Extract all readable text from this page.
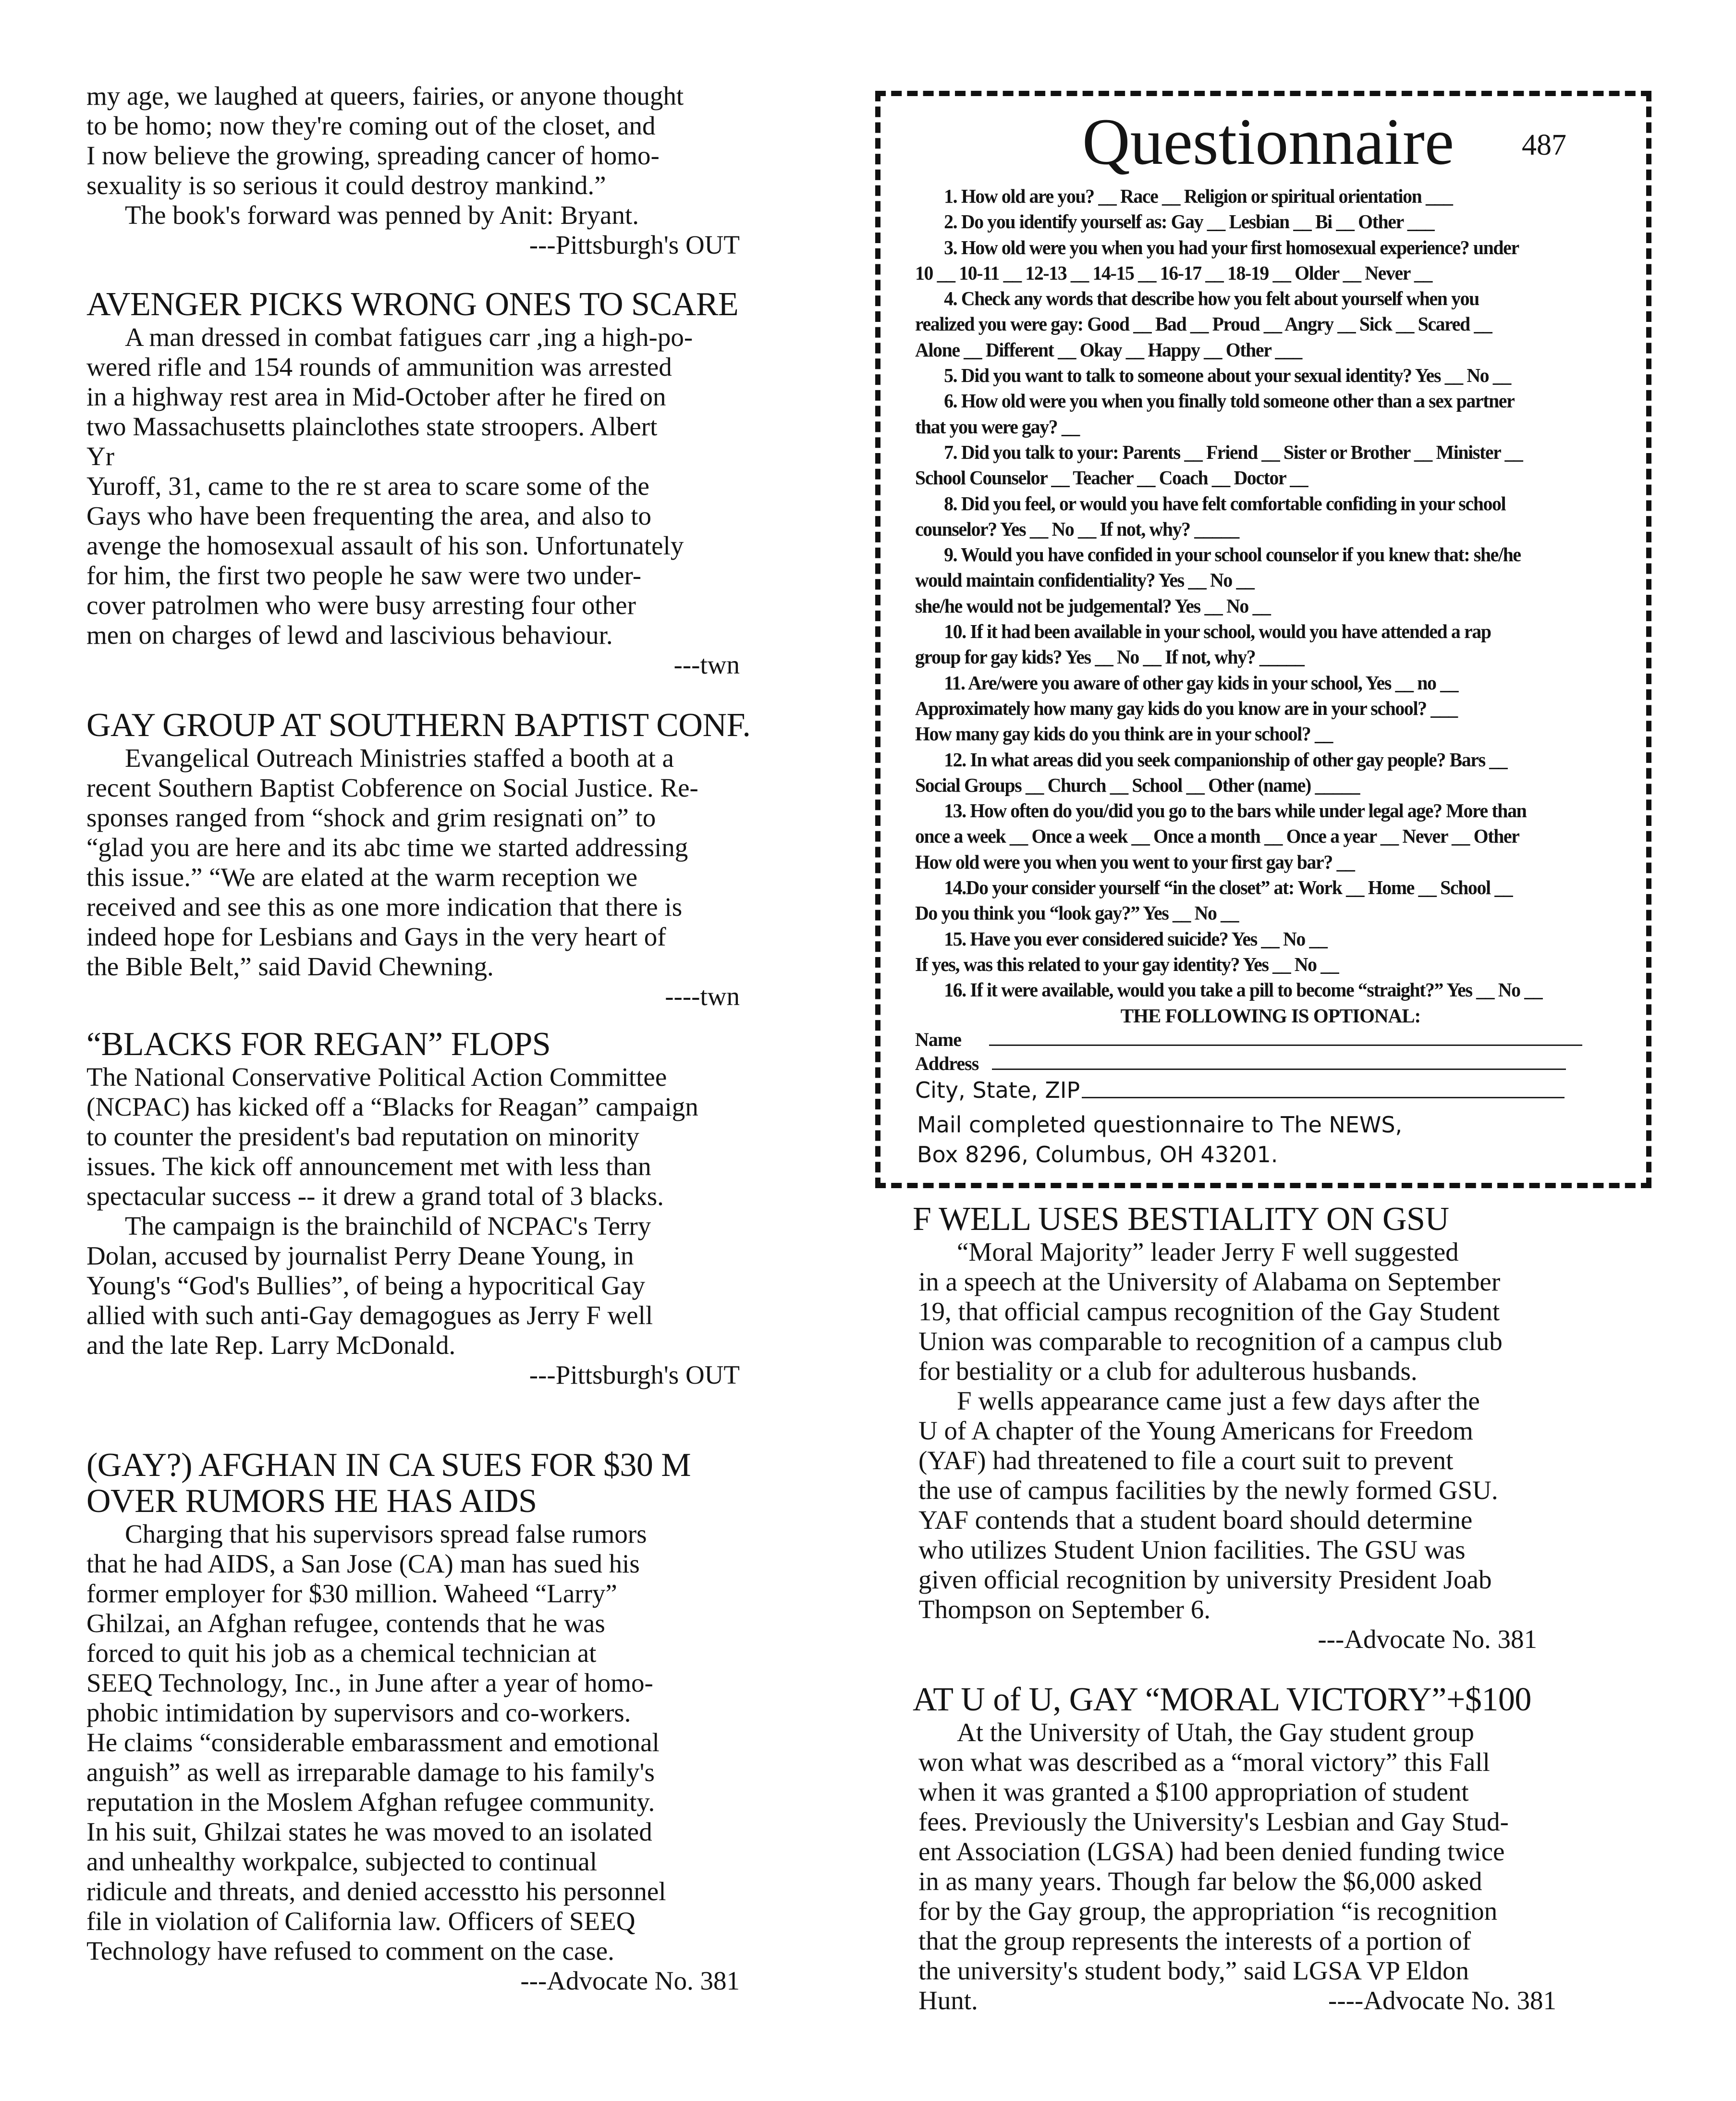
my age, we laughed at queers, fairies, or anyone thought
to be homo; now they're coming out of the closet, and
I now believe the growing, spreading cancer of homo-
sexuality is so serious it could destroy mankind.”
The book's forward was penned by Anit: Bryant.
---Pittsburgh's OUT
AVENGER PICKS WRONG ONES TO SCARE
A man dressed in combat fatigues carr ,ing a high-po-
wered rifle and 154 rounds of ammunition was arrested
in a highway rest area in Mid-October after he fired on
two Massachusetts plainclothes state stroopers. Albert
Yr
Yuroff, 31, came to the re st area to scare some of the
Gays who have been frequenting the area, and also to
avenge the homosexual assault of his son. Unfortunately
for him, the first two people he saw were two under-
cover patrolmen who were busy arresting four other
men on charges of lewd and lascivious behaviour.
---twn
GAY GROUP AT SOUTHERN BAPTIST CONF.
Evangelical Outreach Ministries staffed a booth at a
recent Southern Baptist Cobference on Social Justice. Re-
sponses ranged from “shock and grim resignati on” to
“glad you are here and its abc time we started addressing
this issue.” “We are elated at the warm reception we
received and see this as one more indication that there is
indeed hope for Lesbians and Gays in the very heart of
the Bible Belt,” said David Chewning.
----twn
“BLACKS FOR REGAN” FLOPS
The National Conservative Political Action Committee
(NCPAC) has kicked off a “Blacks for Reagan” campaign
to counter the president's bad reputation on minority
issues. The kick off announcement met with less than
spectacular success -- it drew a grand total of 3 blacks.
The campaign is the brainchild of NCPAC's Terry
Dolan, accused by journalist Perry Deane Young, in
Young's “God's Bullies”, of being a hypocritical Gay
allied with such anti-Gay demagogues as Jerry F well
and the late Rep. Larry McDonald.
---Pittsburgh's OUT
(GAY?) AFGHAN IN CA SUES FOR $30 M
OVER RUMORS HE HAS AIDS
Charging that his supervisors spread false rumors
that he had AIDS, a San Jose (CA) man has sued his
former employer for $30 million. Waheed “Larry”
Ghilzai, an Afghan refugee, contends that he was
forced to quit his job as a chemical technician at
SEEQ Technology, Inc., in June after a year of homo-
phobic intimidation by supervisors and co-workers.
He claims “considerable embarassment and emotional
anguish” as well as irreparable damage to his family's
reputation in the Moslem Afghan refugee community.
In his suit, Ghilzai states he was moved to an isolated
and unhealthy workpalce, subjected to continual
ridicule and threats, and denied accesstto his personnel
file in violation of California law. Officers of SEEQ
Technology have refused to comment on the case.
---Advocate No. 381
Questionnaire 487
1. How old are you? __ Race __ Religion or spiritual orientation ___
2. Do you identify yourself as: Gay __ Lesbian __ Bi __ Other ___
3. How old were you when you had your first homosexual experience? under
10 __ 10-11 __ 12-13 __ 14-15 __ 16-17 __ 18-19 __ Older __ Never __
4. Check any words that describe how you felt about yourself when you
realized you were gay: Good __ Bad __ Proud __ Angry __ Sick __ Scared __
Alone __ Different __ Okay __ Happy __ Other ___
5. Did you want to talk to someone about your sexual identity? Yes __ No __
6. How old were you when you finally told someone other than a sex partner
that you were gay? __
7. Did you talk to your: Parents __ Friend __ Sister or Brother __ Minister __
School Counselor __ Teacher __ Coach __ Doctor __
8. Did you feel, or would you have felt comfortable confiding in your school
counselor? Yes __ No __ If not, why? _____
9. Would you have confided in your school counselor if you knew that: she/he
would maintain confidentiality? Yes __ No __
she/he would not be judgemental? Yes __ No __
10. If it had been available in your school, would you have attended a rap
group for gay kids? Yes __ No __ If not, why? _____
11. Are/were you aware of other gay kids in your school, Yes __ no __
Approximately how many gay kids do you know are in your school? ___
How many gay kids do you think are in your school? __
12. In what areas did you seek companionship of other gay people? Bars __
Social Groups __ Church __ School __ Other (name) _____
13. How often do you/did you go to the bars while under legal age? More than
once a week __ Once a week __ Once a month __ Once a year __ Never __ Other
How old were you when you went to your first gay bar? __
14.Do your consider yourself “in the closet” at: Work __ Home __ School __
Do you think you “look gay?” Yes __ No __
15. Have you ever considered suicide? Yes __ No __
If yes, was this related to your gay identity? Yes __ No __
16. If it were available, would you take a pill to become “straight?” Yes __ No __
THE FOLLOWING IS OPTIONAL:
Name
Address
City, State, ZIP
Mail completed questionnaire to The NEWS,
Box 8296, Columbus, OH 43201.
F WELL USES BESTIALITY ON GSU
“Moral Majority” leader Jerry F well suggested
in a speech at the University of Alabama on September
19, that official campus recognition of the Gay Student
Union was comparable to recognition of a campus club
for bestiality or a club for adulterous husbands.
F wells appearance came just a few days after the
U of A chapter of the Young Americans for Freedom
(YAF) had threatened to file a court suit to prevent
the use of campus facilities by the newly formed GSU.
YAF contends that a student board should determine
who utilizes Student Union facilities. The GSU was
given official recognition by university President Joab
Thompson on September 6.
---Advocate No. 381
AT U of U, GAY “MORAL VICTORY”+$100
At the University of Utah, the Gay student group
won what was described as a “moral victory” this Fall
when it was granted a $100 appropriation of student
fees. Previously the University's Lesbian and Gay Stud-
ent Association (LGSA) had been denied funding twice
in as many years. Though far below the $6,000 asked
for by the Gay group, the appropriation “is recognition
that the group represents the interests of a portion of
the university's student body,” said LGSA VP Eldon
Hunt.	----Advocate No. 381
